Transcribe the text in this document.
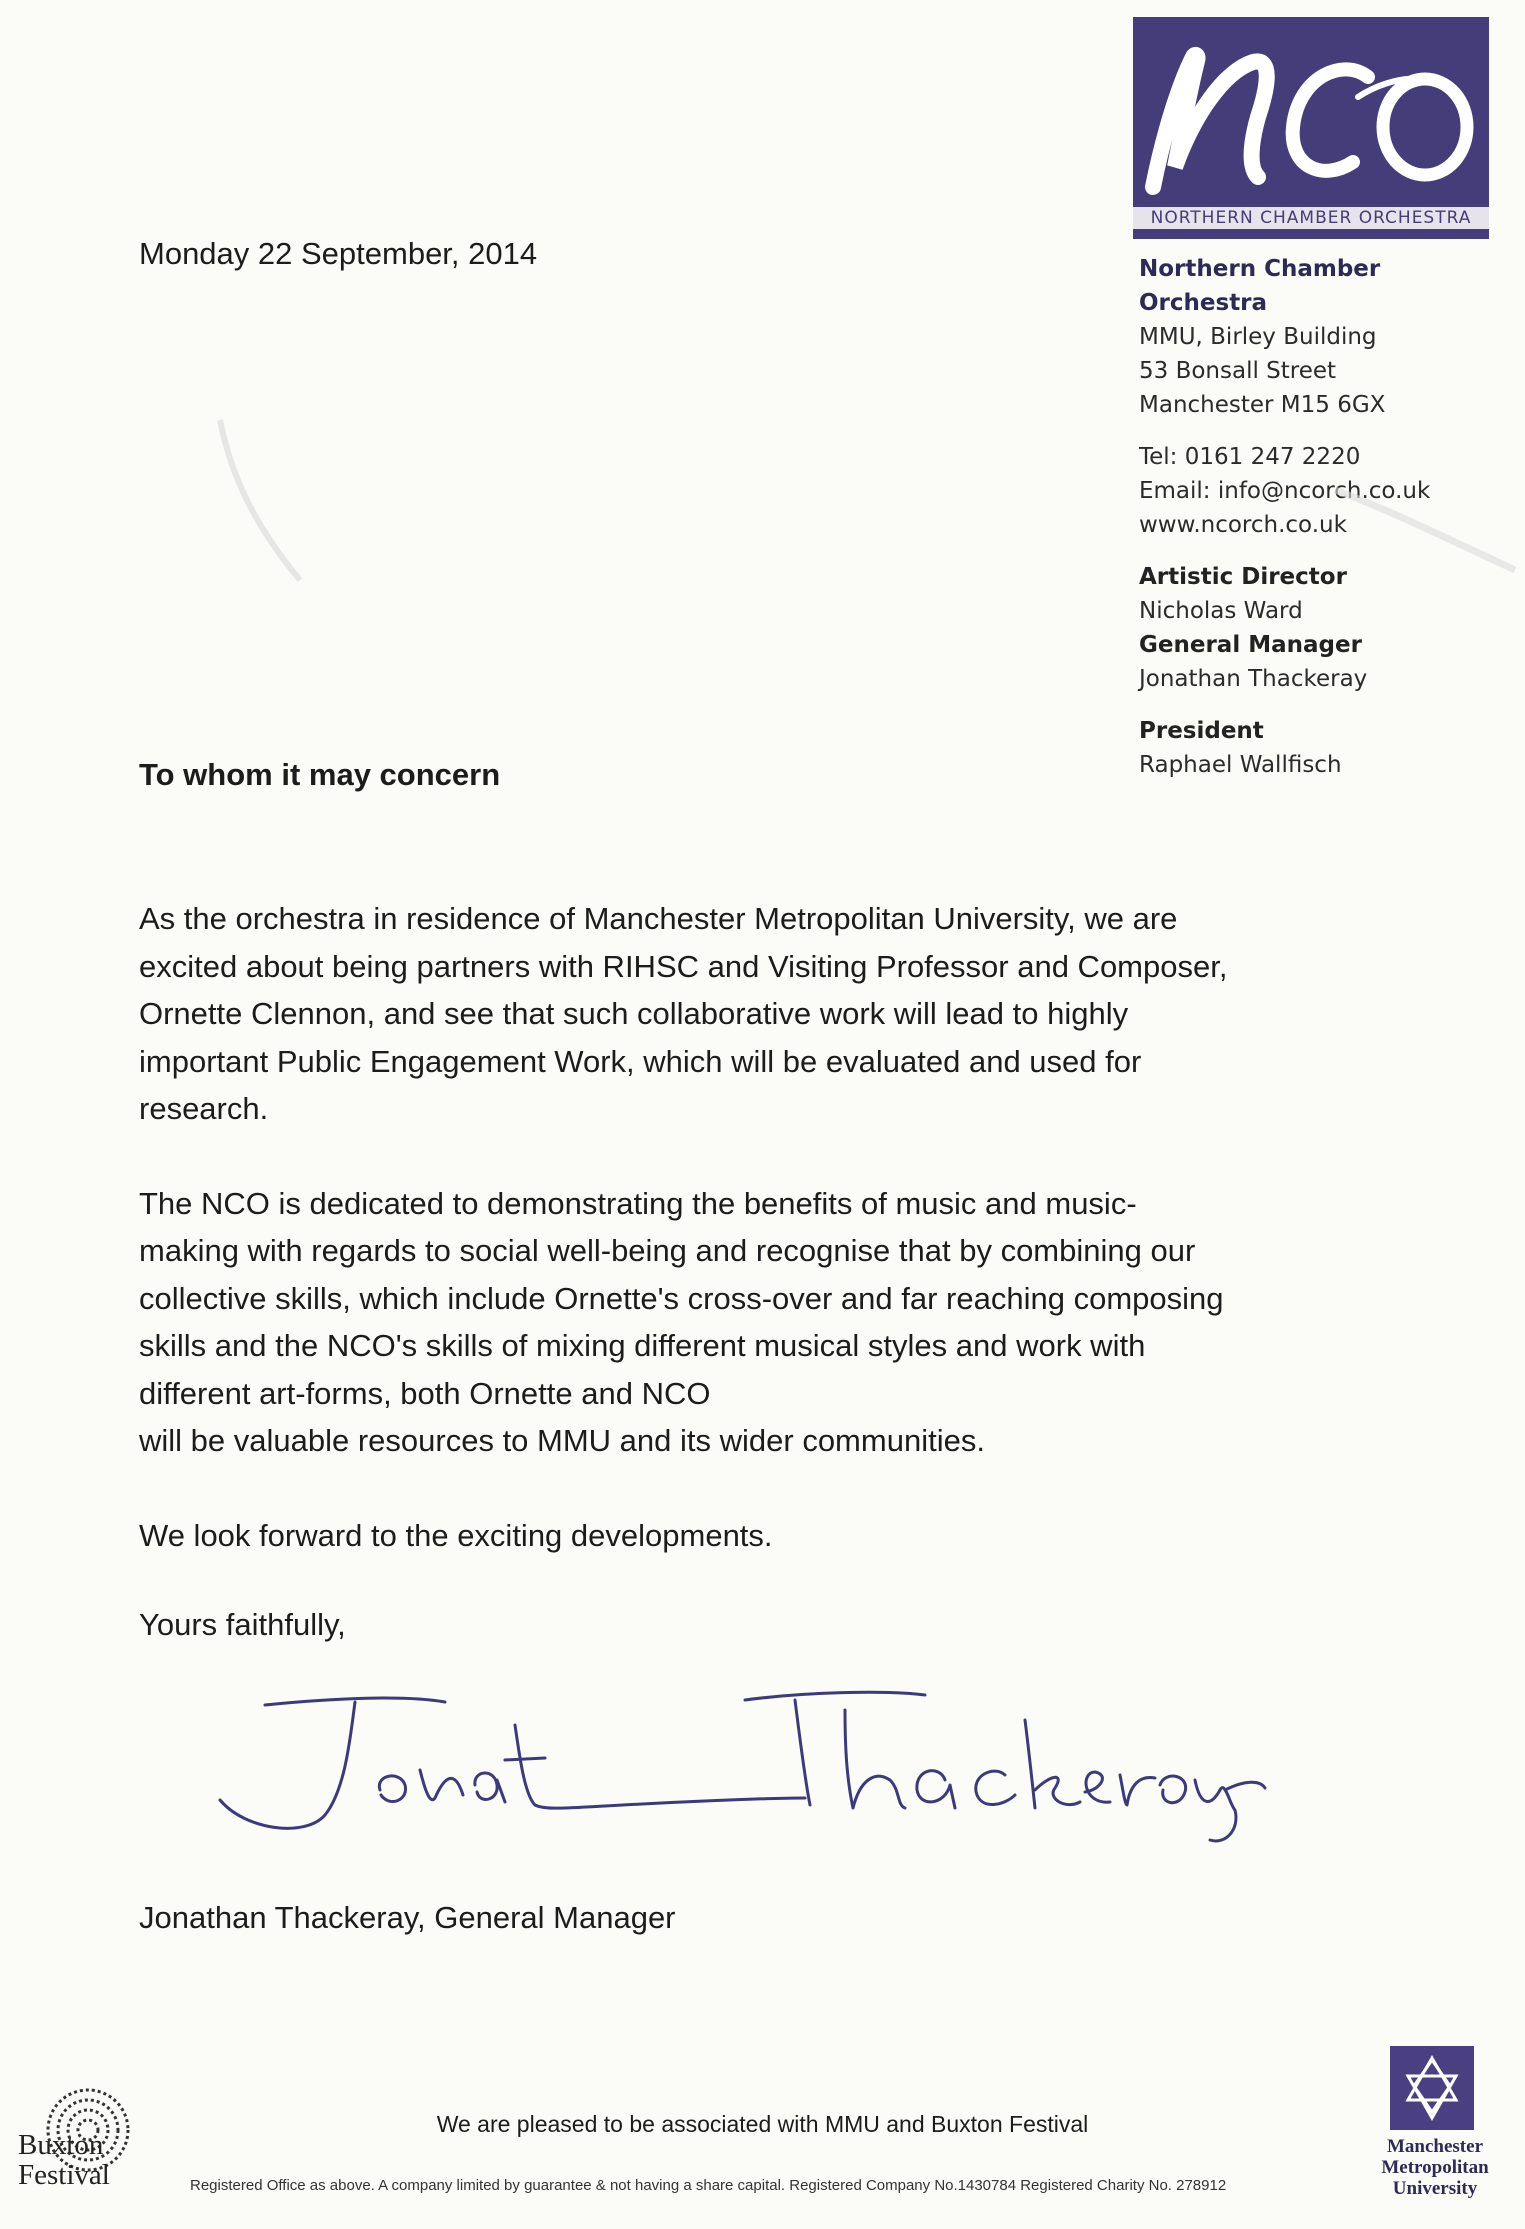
NORTHERN CHAMBER ORCHESTRA
Northern Chamber Orchestra
MMU, Birley Building
53 Bonsall Street
Manchester M15 6GX
Tel: 0161 247 2220
Email: info@ncorch.co.uk
www.ncorch.co.uk
Artistic Director
Nicholas Ward
General Manager
Jonathan Thackeray
President
Raphael Wallfisch
Monday 22 September, 2014
To whom it may concern

As the orchestra in residence of Manchester Metropolitan University, we are
excited about being partners with RIHSC and Visiting Professor and Composer,
Ornette Clennon, and see that such collaborative work will lead to highly
important Public Engagement Work, which will be evaluated and used for
research.

The NCO is dedicated to demonstrating the benefits of music and music-
making with regards to social well-being and recognise that by combining our
collective skills, which include Ornette's cross-over and far reaching composing
skills and the NCO's skills of mixing different musical styles and work with
different art-forms, both Ornette and NCO
will be valuable resources to MMU and its wider communities.

We look forward to the exciting developments.

Yours faithfully,
Jonathan Thackeray, General Manager
Buxton
Festival
We are pleased to be associated with MMU and Buxton Festival
Registered Office as above. A company limited by guarantee & not having a share capital. Registered Company No.1430784 Registered Charity No. 278912
Manchester
Metropolitan
University
